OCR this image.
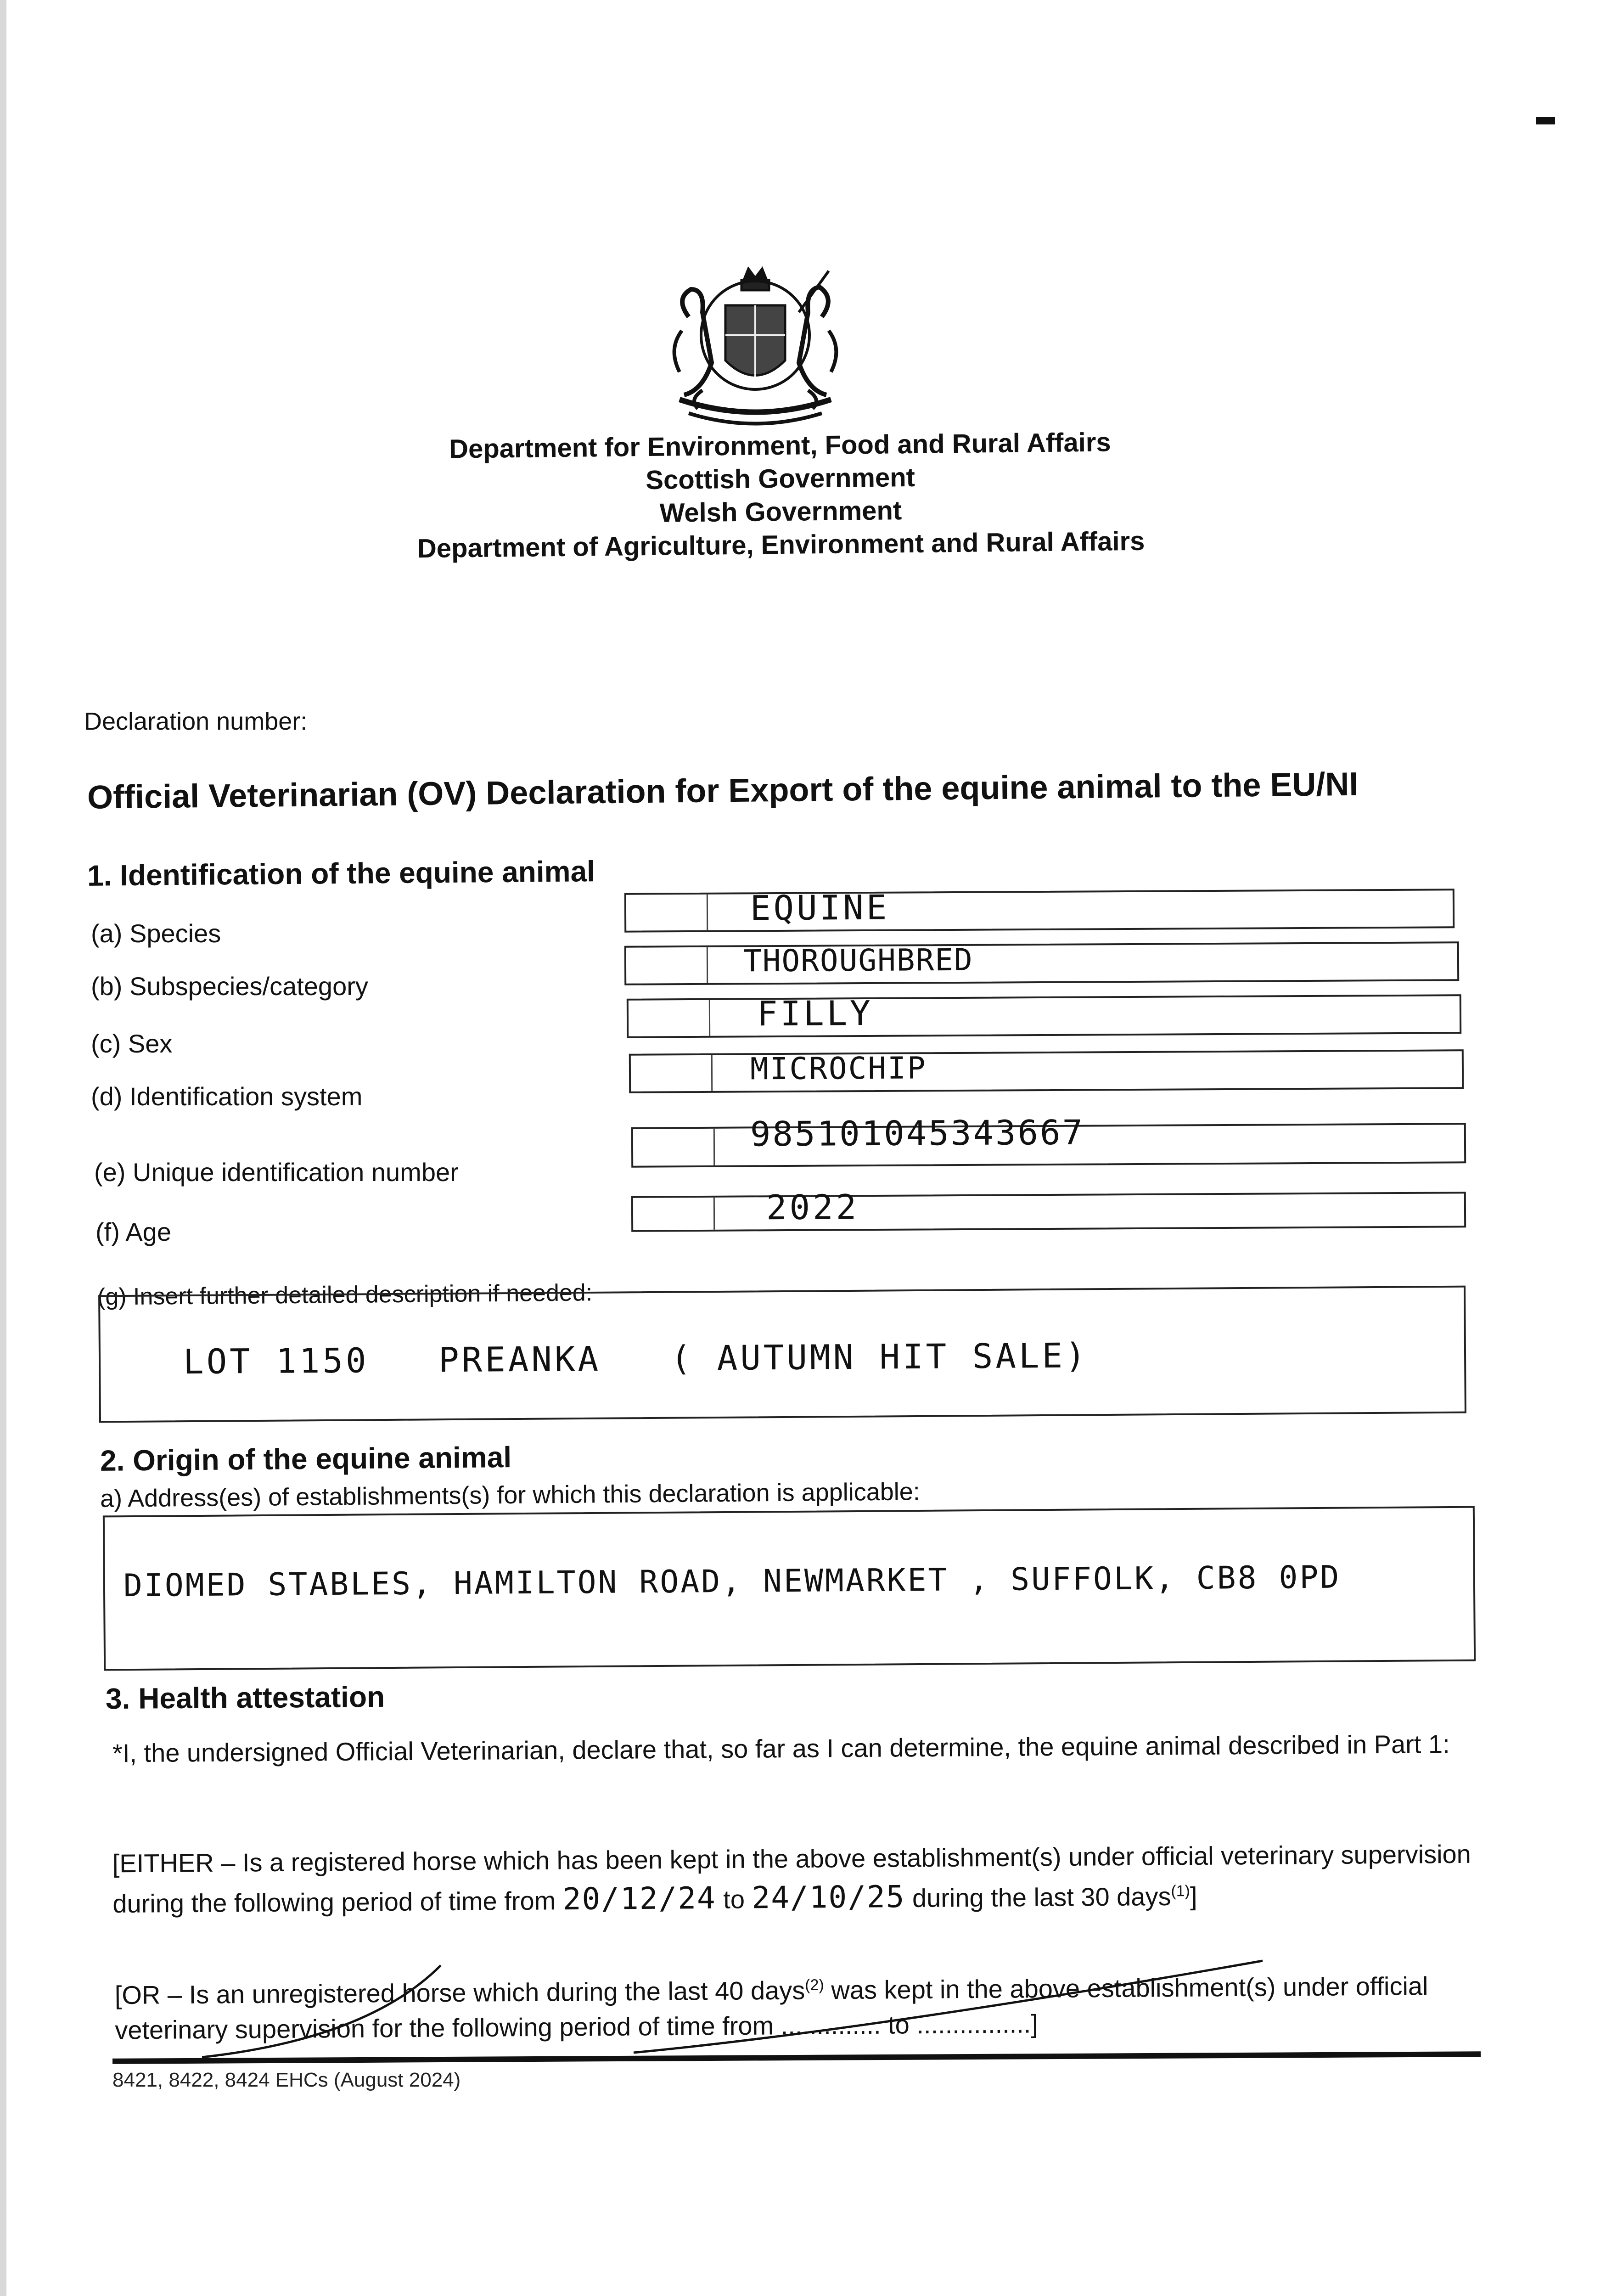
Department for Environment, Food and Rural Affairs
Scottish Government
Welsh Government
Department of Agriculture, Environment and Rural Affairs
Declaration number:
Official Veterinarian (OV) Declaration for Export of the equine animal to the EU/NI
1. Identification of the equine animal
(a) Species
(b) Subspecies/category
(c) Sex
(d) Identification system
(e) Unique identification number
(f) Age
EQUINE
THOROUGHBRED
FILLY
MICROCHIP
985101045343667
2022
(g) Insert further detailed description if needed:
LOT 1150   PREANKA   ( AUTUMN HIT SALE)
2. Origin of the equine animal
a) Address(es) of establishments(s) for which this declaration is applicable:
DIOMED STABLES, HAMILTON ROAD, NEWMARKET , SUFFOLK, CB8 0PD
3. Health attestation
*I, the undersigned Official Veterinarian, declare that, so far as I can determine, the equine animal described in Part 1:
[EITHER – Is a registered horse which has been kept in the above establishment(s) under official veterinary supervision during the following period of time from 20/12/24 to 24/10/25 during the last 30 days$^{(1)}$]
[OR – Is an unregistered horse which during the last 40 days$^{(2)}$ was kept in the above establishment(s) under official veterinary supervision for the following period of time from .............. to ................]
8421, 8422, 8424 EHCs (August 2024)
